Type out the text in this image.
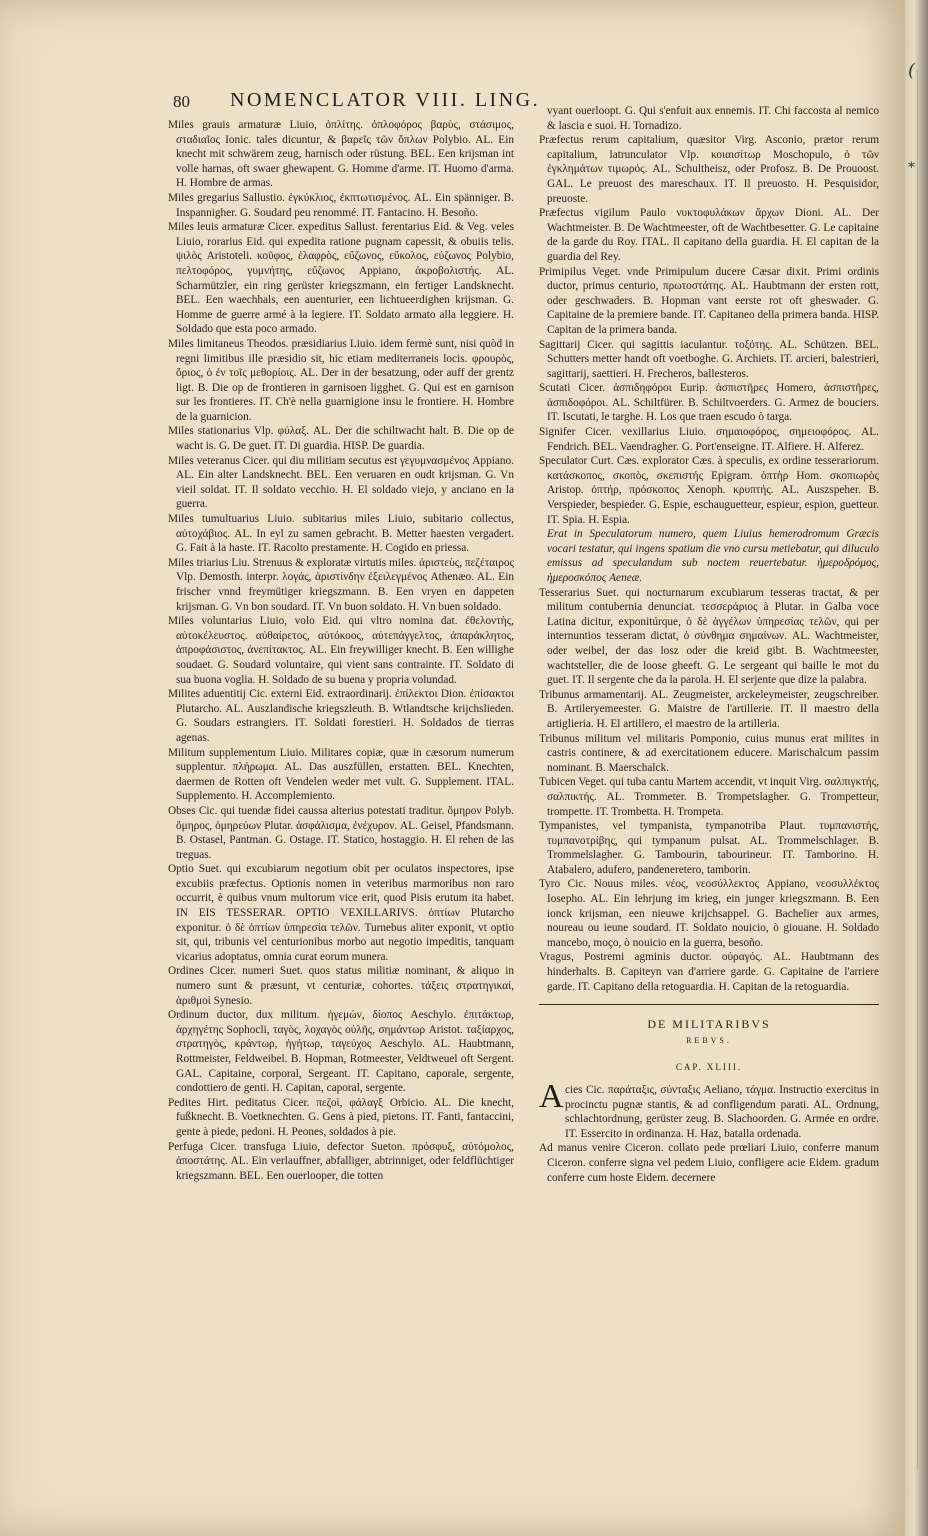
(
*
80 NOMENCLATOR VIII. LING.
Miles grauis armaturæ Liuio, ὁπλίτης. ὁπλοφόρος βαρὺς, στάσιμος, σταδιαῖος Ionic. tales dicuntur, & βαρεῖς τῶν ὅπλων Polybio. AL. Ein knecht mit schwärem zeug, harnisch oder rüstung. BEL. Een krijsman int volle harnas, oft swaer ghewapent. G. Homme d'arme. IT. Huomo d'arma. H. Hombre de armas.
Miles gregarius Sallustio. ἐγκύκλιος, ἐκπτωτισμένος. AL. Ein spänniger. B. Inspannigher. G. Soudard peu renommé. IT. Fantacino. H. Besoño.
Miles leuis armaturæ Cicer. expeditus Sallust. ferentarius Eid. & Veg. veles Liuio, rorarius Eid. qui expedita ratione pugnam capessit, & obuiis telis. ψιλὸς Aristoteli. κοῦφος, ἐλαφρὸς, εὔζωνος, εὔκολος, εὐζωνος Polybio, πελτοφόρος, γυμνήτης, εὔζωνος Appiano, ἀκροβολιστής. AL. Scharmützler, ein ring gerüster kriegszmann, ein fertiger Landsknecht. BEL. Een waechhals, een auenturier, een lichtueerdighen krijsman. G. Homme de guerre armé à la legiere. IT. Soldato armato alla leggiere. H. Soldado que esta poco armado.
Miles limitaneus Theodos. præsidiarius Liuio. idem fermè sunt, nisi quòd in regni limitibus ille præsidio sit, hic etiam mediterraneis locis. φρουρὸς, ὅριος, ὁ ἐν τοῖς μεθορίοις. AL. Der in der besatzung, oder auff der grentz ligt. B. Die op de frontieren in garnisoen ligghet. G. Qui est en garnison sur les frontieres. IT. Ch'è nella guarnigione insu le frontiere. H. Hombre de la guarnicion.
Miles stationarius Vlp. φύλαξ. AL. Der die schiltwacht halt. B. Die op de wacht is. G. De guet. IT. Di guardia. HISP. De guardia.
Miles veteranus Cicer. qui diu militiam secutus est γεγυμνασμένος Appiano. AL. Ein alter Landsknecht. BEL. Een veruaren en oudt krijsman. G. Vn vieil soldat. IT. Il soldato vecchio. H. El soldado viejo, y anciano en la guerra.
Miles tumultuarius Liuio. subitarius miles Liuio, subitario collectus, αὐτοχάβιος. AL. In eyl zu samen gebracht. B. Metter haesten vergadert. G. Fait à la haste. IT. Racolto prestamente. H. Cogido en priessa.
Miles triarius Liu. Strenuus & exploratæ virtutis miles. ἀριστεὺς, πεζέταιρος Vlp. Demosth. interpr. λογάς, ἀριστίνδην ἐξειλεγμένος Athenæo. AL. Ein frischer vnnd freymütiger kriegszmann. B. Een vryen en dappeten krijsman. G. Vn bon soudard. IT. Vn buon soldato. H. Vn buen soldado.
Miles voluntarius Liuio, volo Eid. qui vltro nomina dat. ἐθελοντὴς, αὐτοκέλευστος. αὐθαίρετος, αὐτόκοος, αὐτεπάγγελτος, ἀπαράκλητος, ἀπροφάσιστος, ἀνεπίτακτος. AL. Ein freywilliger knecht. B. Een willighe soudaet. G. Soudard voluntaire, qui vient sans contrainte. IT. Soldato di sua buona voglia. H. Soldado de su buena y propria volundad.
Milites aduentitij Cic. externi Eid. extraordinarij. ἐπίλεκτοι Dion. ἐπίσακτοι Plutarcho. AL. Auszlandische kriegszleuth. B. Wtlandtsche krijchslieden. G. Soudars estrangiers. IT. Soldati forestieri. H. Soldados de tierras agenas.
Militum supplementum Liuio. Militares copiæ, quæ in cæsorum numerum supplentur. πλήρωμα. AL. Das auszfüllen, erstatten. BEL. Knechten, daermen de Rotten oft Vendelen weder met vult. G. Supplement. ITAL. Supplemento. H. Accomplemiento.
Obses Cic. qui tuendæ fidei caussa alterius potestati traditur. ὅμηρον Polyb. ὅμηρος, ὁμηρεύων Plutar. ἀσφάλισμα, ἐνέχυρον. AL. Geisel, Pfandsmann. B. Ostasel, Pantman. G. Ostage. IT. Statico, hostaggio. H. El rehen de las treguas.
Optio Suet. qui excubiarum negotium obit per oculatos inspectores, ipse excubiis præfectus. Optionis nomen in veteribus marmoribus non raro occurrit, è quibus vnum multorum vice erit, quod Pisis erutum ita habet. IN EIS TESSERAR. OPTIO VEXILLARIVS. ὀπτίων Plutarcho exponitur. ὁ δὲ ὀπτίων ὑπηρεσία τελῶν. Turnebus aliter exponit, vt optio sit, qui, tribunis vel centurionibus morbo aut negotio impeditis, tanquam vicarius adoptatus, omnia curat eorum munera.
Ordines Cicer. numeri Suet. quos status militiæ nominant, & aliquo in numero sunt & præsunt, vt centuriæ, cohortes. τάξεις στρατηγικαί, ἀριθμοὶ Synesio.
Ordinum ductor, dux militum. ἡγεμών, δίοπος Aeschylo. ἐπιτάκτωρ, ἀρχηγέτης Sophocli, ταγὸς, λοχαγὸς οὐλῆς, σημάντωρ Aristot. ταξίαρχος, στρατηγὸς, κράντωρ, ἡγήτωρ, ταγεύχος Aeschylo. AL. Haubtmann, Rottmeister, Feldweibel. B. Hopman, Rotmeester, Veldtweuel oft Sergent. GAL. Capitaine, corporal, Sergeant. IT. Capitano, caporale, sergente, condottiero de genti. H. Capitan, caporal, sergente.
Pedites Hirt. peditatus Cicer. πεζοὶ, φάλαγξ Orbicio. AL. Die knecht, fußknecht. B. Voetknechten. G. Gens à pied, pietons. IT. Fanti, fantaccini, gente à piede, pedoni. H. Peones, soldados à pie.
Perfuga Cicer. transfuga Liuio, defector Sueton. πρόσφυξ, αὐτόμολος, ἀποστάτης. AL. Ein verlauffner, abfalliger, abtrinniget, oder feldflüchtiger kriegszmann. BEL. Een ouerlooper, die totten
vyant ouerloopt. G. Qui s'enfuit aux ennemis. IT. Chi faccosta al nemico & lascia e suoi. H. Tornadizo.
Præfectus rerum capitalium, quæsitor Virg. Asconio, prætor rerum capitalium, latrunculator Vlp. κοιαισίτωρ Moschopulo, ὁ τῶν ἐγκλημάτων τιμωρός. AL. Schultheisz, oder Profosz. B. De Prouoost. GAL. Le preuost des mareschaux. IT. Il preuosto. H. Pesquisidor, preuoste.
Præfectus vigilum Paulo νυκτοφυλάκων ἄρχων Dioni. AL. Der Wachtmeister. B. De Wachtmeester, oft de Wachtbesetter. G. Le capitaine de la garde du Roy. ITAL. Il capitano della guardia. H. El capitan de la guardia del Rey.
Primipilus Veget. vnde Primipulum ducere Cæsar dixit. Primi ordinis ductor, primus centurio, πρωτοστάτης. AL. Haubtmann der ersten rott, oder geschwaders. B. Hopman vant eerste rot oft gheswader. G. Capitaine de la premiere bande. IT. Capitaneo della primera banda. HISP. Capitan de la primera banda.
Sagittarij Cicer. qui sagittis iaculantur. τοξότης. AL. Schützen. BEL. Schutters metter handt oft voetboghe. G. Archiets. IT. arcieri, balestrieri, sagittarij, saettieri. H. Frecheros, ballesteros.
Scutati Cicer. ἀσπιδηφόροι Eurip. ἀσπιστῆρες Homero, ἀσπιστῆρες, ἀσπιδοφόροι. AL. Schiltfürer. B. Schiltvoerders. G. Armez de bouciers. IT. Iscutati, le targhe. H. Los que traen escudo ò targa.
Signifer Cicer. vexillarius Liuio. σημαιοφόρος, σημειοφόρος. AL. Fendrich. BEL. Vaendragher. G. Port'enseigne. IT. Alfiere. H. Alferez.
Speculator Curt. Cæs. explorator Cæs. à speculis, ex ordine tesserariorum. κατάσκοπος, σκοπὸς, σκεπιστής Epigram. ὀπτὴρ Hom. σκοπιωρὸς Aristop. ὀπτήρ, πρόσκοπος Xenoph. κρυπτής. AL. Auszspeher. B. Verspieder, bespieder. G. Espie, eschauguetteur, espieur, espion, guetteur. IT. Spia. H. Espia.
Erat in Speculatorum numero, quem Liuius hemerodromum Græcis vocari testatur, qui ingens spatium die vno cursu metiebatur, qui diluculo emissus ad speculandum sub noctem reuertebatur. ἡμεροδρόμος, ἡμεροσκόπος Aeneæ.
Tesserarius Suet. qui nocturnarum excubiarum tesseras tractat, & per militum contubernia denunciat. τεσσεράριος à Plutar. in Galba voce Latina dicitur, exponitúrque, ὁ δὲ ἀγγέλων ὑπηρεσίας τελῶν, qui per internuntios tesseram dictat, ὁ σύνθημα σημαίνων. AL. Wachtmeister, oder weibel, der das losz oder die kreid gibt. B. Wachtmeester, wachtsteller, die de loose gheeft. G. Le sergeant qui baille le mot du guet. IT. Il sergente che da la parola. H. El serjente que dize la palabra.
Tribunus armamentarij. AL. Zeugmeister, arckeleymeister, zeugschreiber. B. Artileryemeester. G. Maistre de l'artillerie. IT. Il maestro della artiglieria. H. El artillero, el maestro de la artilleria.
Tribunus militum vel militaris Pomponio, cuius munus erat milites in castris continere, & ad exercitationem educere. Marischalcum passim nominant. B. Maerschalck.
Tubicen Veget. qui tuba cantu Martem accendit, vt inquit Virg. σαλπιγκτής, σαλπικτής. AL. Trommeter. B. Trompetslagher. G. Trompetteur, trompette. IT. Trombetta. H. Trompeta.
Tympanistes, vel tympanista, tympanotriba Plaut. τυμπανιστής, τυμπανοτρίβης, qui tympanum pulsat. AL. Trommelschlager. B. Trommelslagher. G. Tambourin, tabourineur. IT. Tamborino. H. Atabalero, adufero, pandeneretero, tamborin.
Tyro Cic. Nouus miles. νέος, νεοσύλλεκτος Appiano, νεοσυλλέκτος Iosepho. AL. Ein lehrjung im krieg, ein junger kriegszmann. B. Een ionck krijsman, een nieuwe krijchsappel. G. Bachelier aux armes, noureau ou ieune soudard. IT. Soldato nouicio, ò giouane. H. Soldado mancebo, moço, ò nouicio en la guerra, besoño.
Vragus, Postremi agminis ductor. οὐραγός. AL. Haubtmann des hinderhalts. B. Capiteyn van d'arriere garde. G. Capitaine de l'arriere garde. IT. Capitano della retoguardia. H. Capitan de la retoguardia.
DE MILITARIBVS
REBVS.
CAP. XLIII.
A cies Cic. παράταξις, σύνταξις Aeliano, τάγμα. Instructio exercitus in procinctu pugnæ stantis, & ad confligendum parati. AL. Ordnung, schlachtordnung, gerüster zeug. B. Slachoorden. G. Armée en ordre. IT. Essercito in ordinanza. H. Haz, batalla ordenada.
Ad manus venire Ciceron. collato pede prœliari Liuio, conferre manum Ciceron. conferre signa vel pedem Liuio, confligere acie Eidem. gradum conferre cum hoste Eidem. decernere
